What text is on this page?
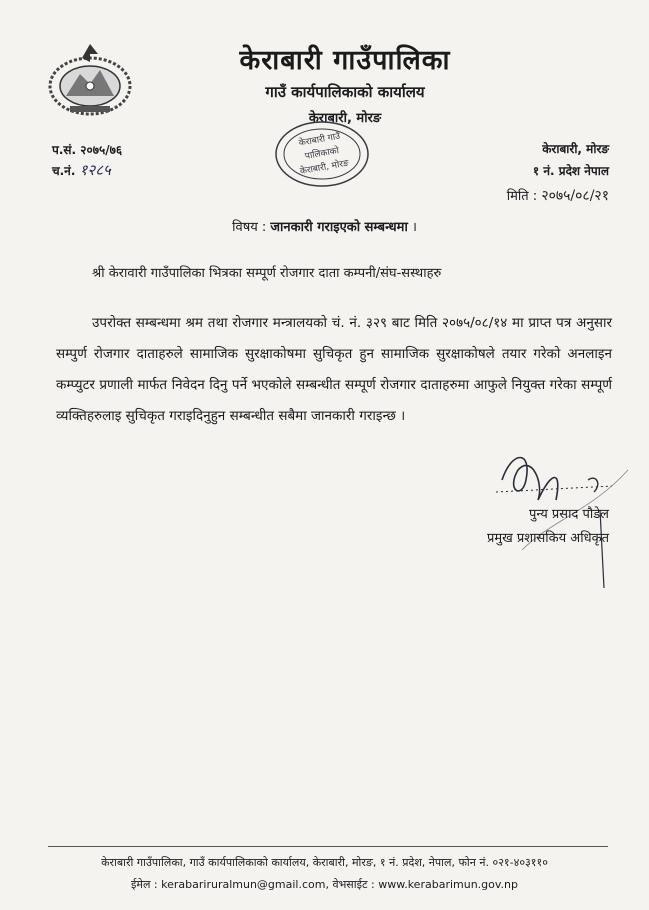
केराबारी गाउँपालिका
गाउँ कार्यपालिकाको कार्यालय
केराबारी, मोरङ
प.सं. २०७५/७६
च.नं. १२८५
केराबारी गाउँ
पालिकाको
केराबारी, मोरङ
केराबारी, मोरङ
१ नं. प्रदेश नेपाल
मिति : २०७५/०८/२१
विषय : जानकारी गराइएको सम्बन्धमा ।
श्री केरावारी गाउँपालिका भित्रका सम्पूर्ण रोजगार दाता कम्पनी/संघ-सस्थाहरु
उपरोक्त सम्बन्धमा श्रम तथा रोजगार मन्त्रालयको चं. नं. ३२९ बाट मिति २०७५/०८/१४ मा प्राप्त पत्र अनुसार सम्पुर्ण रोजगार दाताहरुले सामाजिक सुरक्षाकोषमा सुचिकृत हुन सामाजिक सुरक्षाकोषले तयार गरेको अनलाइन कम्प्युटर प्रणाली मार्फत निवेदन दिनु पर्ने भएकोले सम्बन्धीत सम्पूर्ण रोजगार दाताहरुमा आफुले नियुक्त गरेका सम्पूर्ण व्यक्तिहरुलाइ सुचिकृत गराइदिनुहुन सम्बन्धीत सबैमा जानकारी गराइन्छ ।
पुन्य प्रसाद पौडेल
प्रमुख प्रशासकिय अधिकृत
केराबारी गाउँपालिका, गाउँ कार्यपालिकाको कार्यालय, केराबारी, मोरङ, १ नं. प्रदेश, नेपाल, फोन नं. ०२१-४०३११०
ईमेल : kerabariruralmun@gmail.com, वेभसाईट : www.kerabarimun.gov.np
